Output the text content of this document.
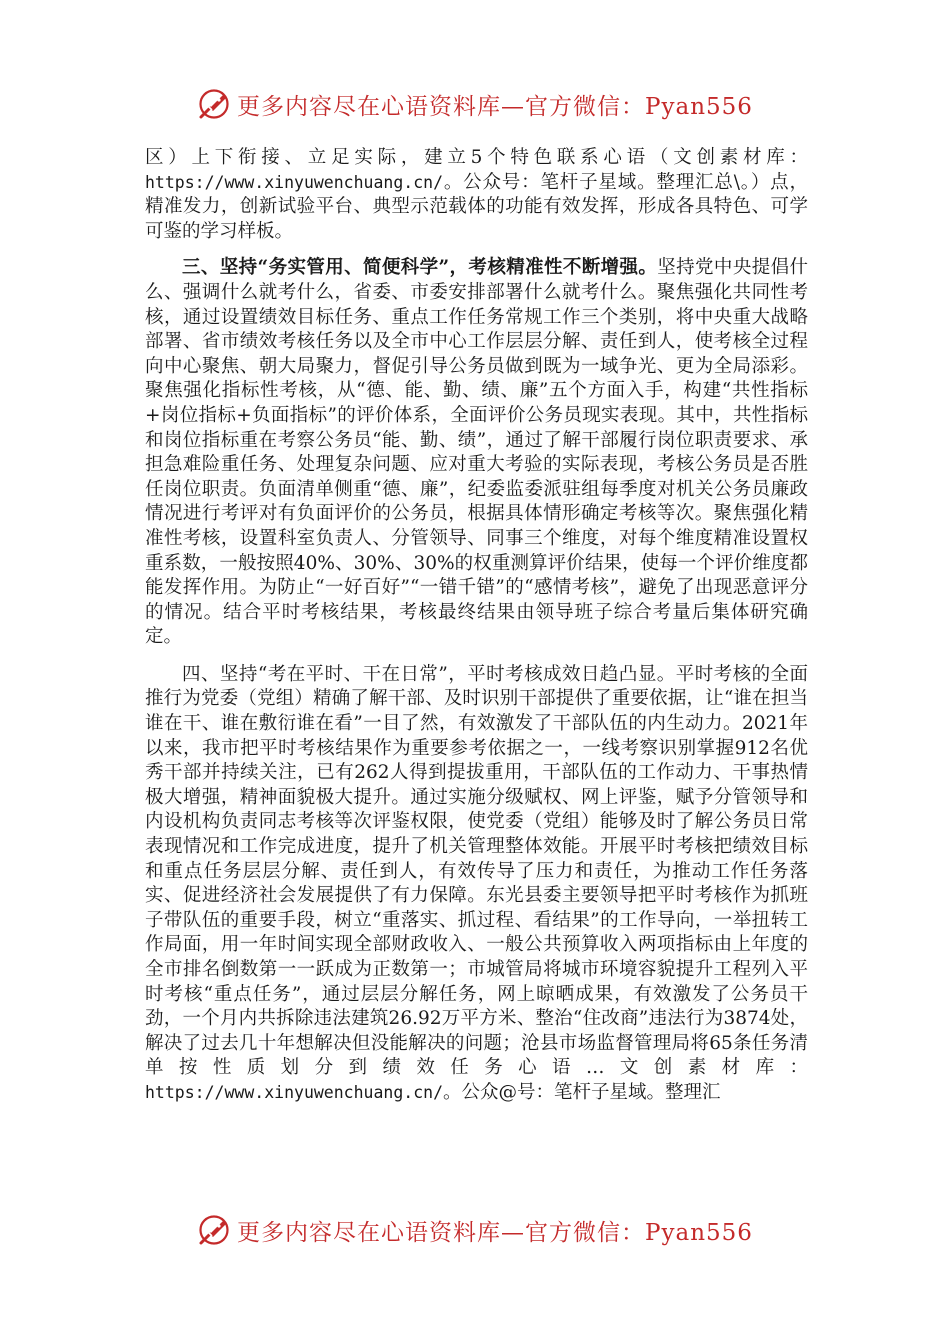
更多内容尽在心语资料库—官方微信：Pyan556

区）上下衔接、立足实际，建立5个特色联系心语（文创素材库：https://www.xinyuwenchuang.cn/。公众号：笔杆子星域。整理汇总\。）点，精准发力，创新试验平台、典型示范载体的功能有效发挥，形成各具特色、可学可鉴的学习样板。

三、坚持“务实管用、简便科学”，考核精准性不断增强。坚持党中央提倡什么、强调什么就考什么，省委、市委安排部署什么就考什么。聚焦强化共同性考核，通过设置绩效目标任务、重点工作任务常规工作三个类别，将中央重大战略部署、省市绩效考核任务以及全市中心工作层层分解、责任到人，使考核全过程向中心聚焦、朝大局聚力，督促引导公务员做到既为一域争光、更为全局添彩。聚焦强化指标性考核，从“德、能、勤、绩、廉”五个方面入手，构建“共性指标+岗位指标+负面指标”的评价体系，全面评价公务员现实表现。其中，共性指标和岗位指标重在考察公务员“能、勤、绩”，通过了解干部履行岗位职责要求、承担急难险重任务、处理复杂问题、应对重大考验的实际表现，考核公务员是否胜任岗位职责。负面清单侧重“德、廉”，纪委监委派驻组每季度对机关公务员廉政情况进行考评对有负面评价的公务员，根据具体情形确定考核等次。聚焦强化精准性考核，设置科室负责人、分管领导、同事三个维度，对每个维度精准设置权重系数，一般按照40%、30%、30%的权重测算评价结果，使每一个评价维度都能发挥作用。为防止“一好百好”“一错千错”的“感情考核”，避免了出现恶意评分的情况。结合平时考核结果，考核最终结果由领导班子综合考量后集体研究确定。

四、坚持“考在平时、干在日常”，平时考核成效日趋凸显。平时考核的全面推行为党委（党组）精确了解干部、及时识别干部提供了重要依据，让“谁在担当谁在干、谁在敷衍谁在看”一目了然，有效激发了干部队伍的内生动力。2021年以来，我市把平时考核结果作为重要参考依据之一，一线考察识别掌握912名优秀干部并持续关注，已有262人得到提拔重用，干部队伍的工作动力、干事热情极大增强，精神面貌极大提升。通过实施分级赋权、网上评鉴，赋予分管领导和内设机构负责同志考核等次评鉴权限，使党委（党组）能够及时了解公务员日常表现情况和工作完成进度，提升了机关管理整体效能。开展平时考核把绩效目标和重点任务层层分解、责任到人，有效传导了压力和责任，为推动工作任务落实、促进经济社会发展提供了有力保障。东光县委主要领导把平时考核作为抓班子带队伍的重要手段，树立“重落实、抓过程、看结果”的工作导向，一举扭转工作局面，用一年时间实现全部财政收入、一般公共预算收入两项指标由上年度的全市排名倒数第一一跃成为正数第一；市城管局将城市环境容貌提升工程列入平时考核“重点任务”，通过层层分解任务，网上晾晒成果，有效激发了公务员干劲，一个月内共拆除违法建筑26.92万平方米、整治“住改商”违法行为3874处，解决了过去几十年想解决但没能解决的问题；沧县市场监督管理局将65条任务清单按性质划分到绩效任务心语…文创素材库：https://www.xinyuwenchuang.cn/。公众@号：笔杆子星域。整理汇

更多内容尽在心语资料库—官方微信：Pyan556
